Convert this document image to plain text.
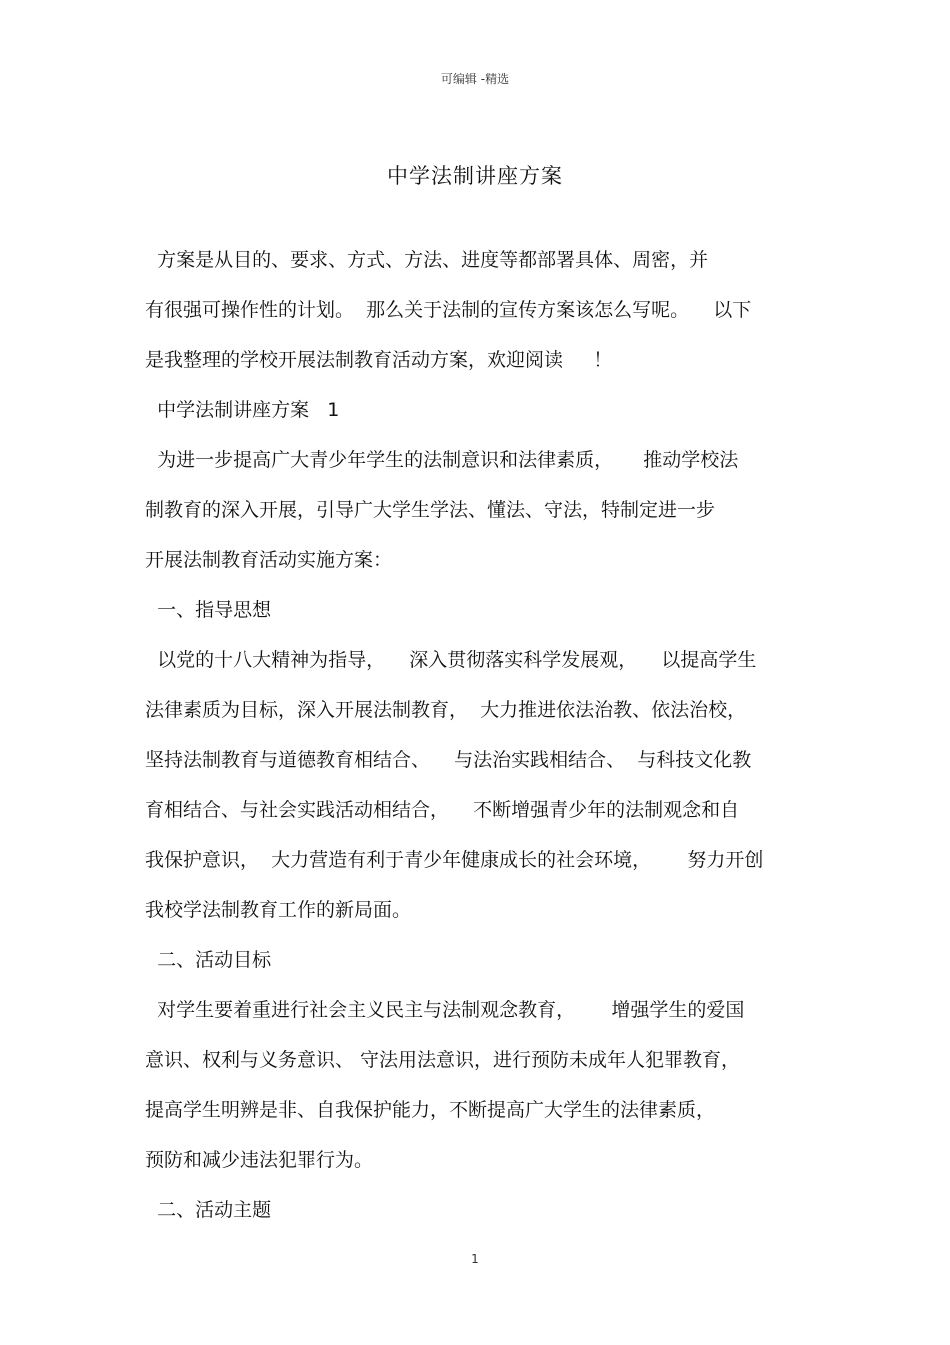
可编辑 -精选
中学法制讲座方案
方案是从目的、要求、方式、方法、进度等都部署具体、周密，并
有很强可操作性的计划。  那么关于法制的宣传方案该怎么写呢。    以下
是我整理的学校开展法制教育活动方案，欢迎阅读     ！
中学法制讲座方案   1
为进一步提高广大青少年学生的法制意识和法律素质，     推动学校法
制教育的深入开展，引导广大学生学法、懂法、守法，特制定进一步
开展法制教育活动实施方案：
一、指导思想
以党的十八大精神为指导，    深入贯彻落实科学发展观，    以提高学生
法律素质为目标，深入开展法制教育，  大力推进依法治教、依法治校，
坚持法制教育与道德教育相结合、    与法治实践相结合、  与科技文化教
育相结合、与社会实践活动相结合，    不断增强青少年的法制观念和自
我保护意识，  大力营造有利于青少年健康成长的社会环境，      努力开创
我校学法制教育工作的新局面。
二、活动目标
对学生要着重进行社会主义民主与法制观念教育，      增强学生的爱国
意识、权利与义务意识、 守法用法意识，进行预防未成年人犯罪教育，
提高学生明辨是非、自我保护能力，不断提高广大学生的法律素质，
预防和减少违法犯罪行为。
二、活动主题
1
